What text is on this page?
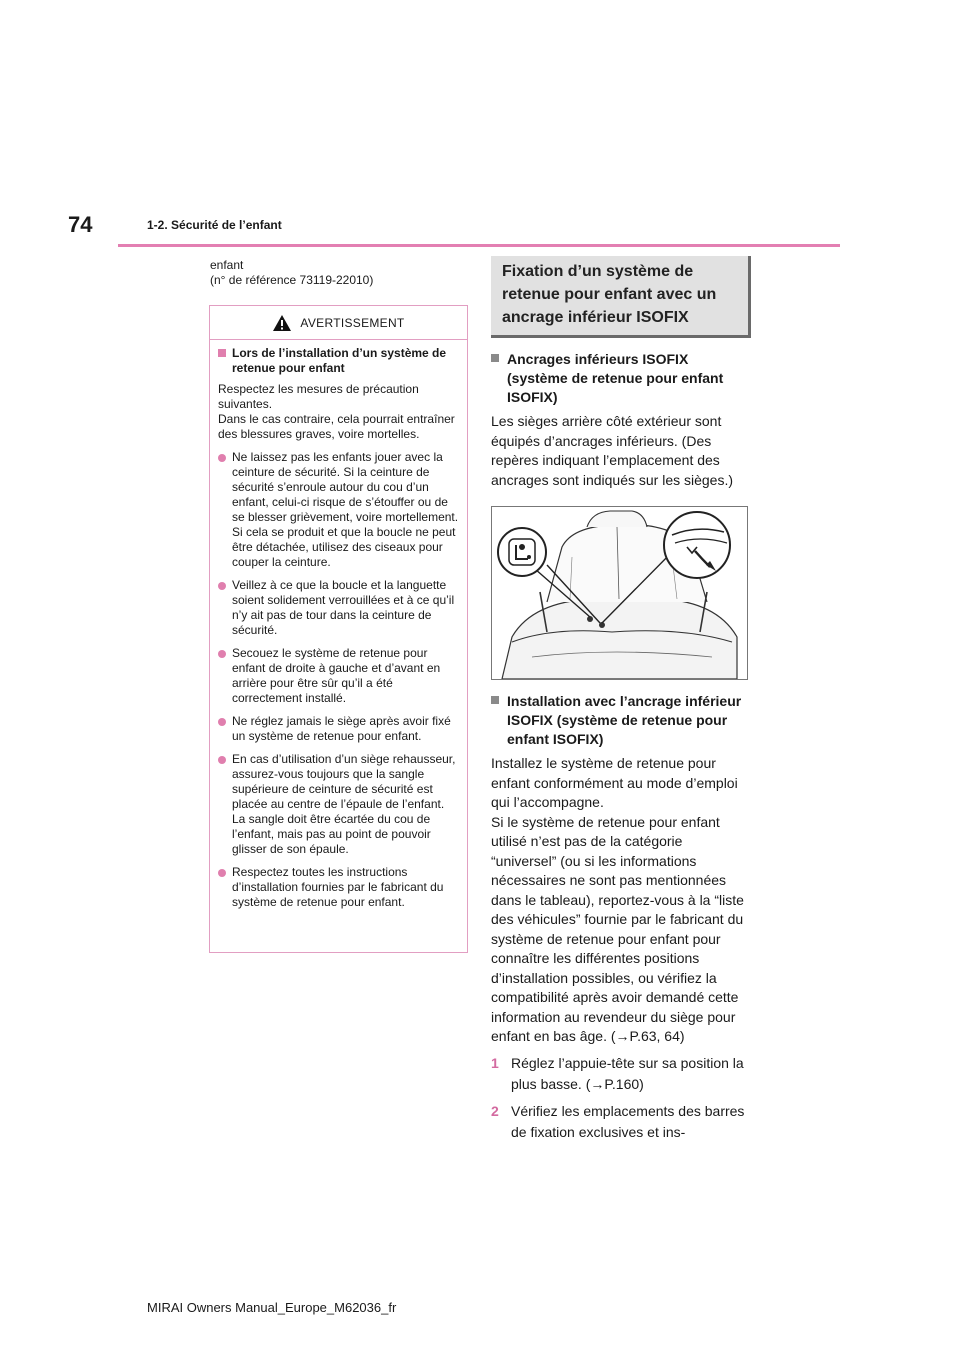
74	1-2. Sécurité de l’enfant
enfant
(n° de référence 73119-22010)
AVERTISSEMENT
Lors de l’installation d’un système de retenue pour enfant
Respectez les mesures de précaution suivantes.
Dans le cas contraire, cela pourrait entraîner des blessures graves, voire mortelles.
Ne laissez pas les enfants jouer avec la ceinture de sécurité. Si la ceinture de sécurité s’enroule autour du cou d’un enfant, celui-ci risque de s’étouffer ou de se blesser grièvement, voire mortellement. Si cela se produit et que la boucle ne peut être détachée, utilisez des ciseaux pour couper la ceinture.
Veillez à ce que la boucle et la languette soient solidement verrouillées et à ce qu’il n’y ait pas de tour dans la ceinture de sécurité.
Secouez le système de retenue pour enfant de droite à gauche et d’avant en arrière pour être sûr qu’il a été correctement installé.
Ne réglez jamais le siège après avoir fixé un système de retenue pour enfant.
En cas d’utilisation d’un siège rehausseur, assurez-vous toujours que la sangle supérieure de ceinture de sécurité est placée au centre de l’épaule de l’enfant. La sangle doit être écartée du cou de l’enfant, mais pas au point de pouvoir glisser de son épaule.
Respectez toutes les instructions d’installation fournies par le fabricant du système de retenue pour enfant.
Fixation d’un système de retenue pour enfant avec un ancrage inférieur ISOFIX
Ancrages inférieurs ISOFIX (système de retenue pour enfant ISOFIX)
Les sièges arrière côté extérieur sont équipés d’ancrages inférieurs. (Des repères indiquant l’emplacement des ancrages sont indiqués sur les sièges.)
Installation avec l’ancrage inférieur ISOFIX (système de retenue pour enfant ISOFIX)
Installez le système de retenue pour enfant conformément au mode d’emploi qui l’accompagne.
Si le système de retenue pour enfant utilisé n’est pas de la catégorie “universel” (ou si les informations nécessaires ne sont pas mentionnées dans le tableau), reportez-vous à la “liste des véhicules” fournie par le fabricant du système de retenue pour enfant pour connaître les différentes positions d’installation possibles, ou vérifiez la compatibilité après avoir demandé cette information au revendeur du siège pour enfant en bas âge. (→P.63, 64)
1 Réglez l’appuie-tête sur sa position la plus basse. (→P.160)
2 Vérifiez les emplacements des barres de fixation exclusives et ins-
MIRAI Owners Manual_Europe_M62036_fr
